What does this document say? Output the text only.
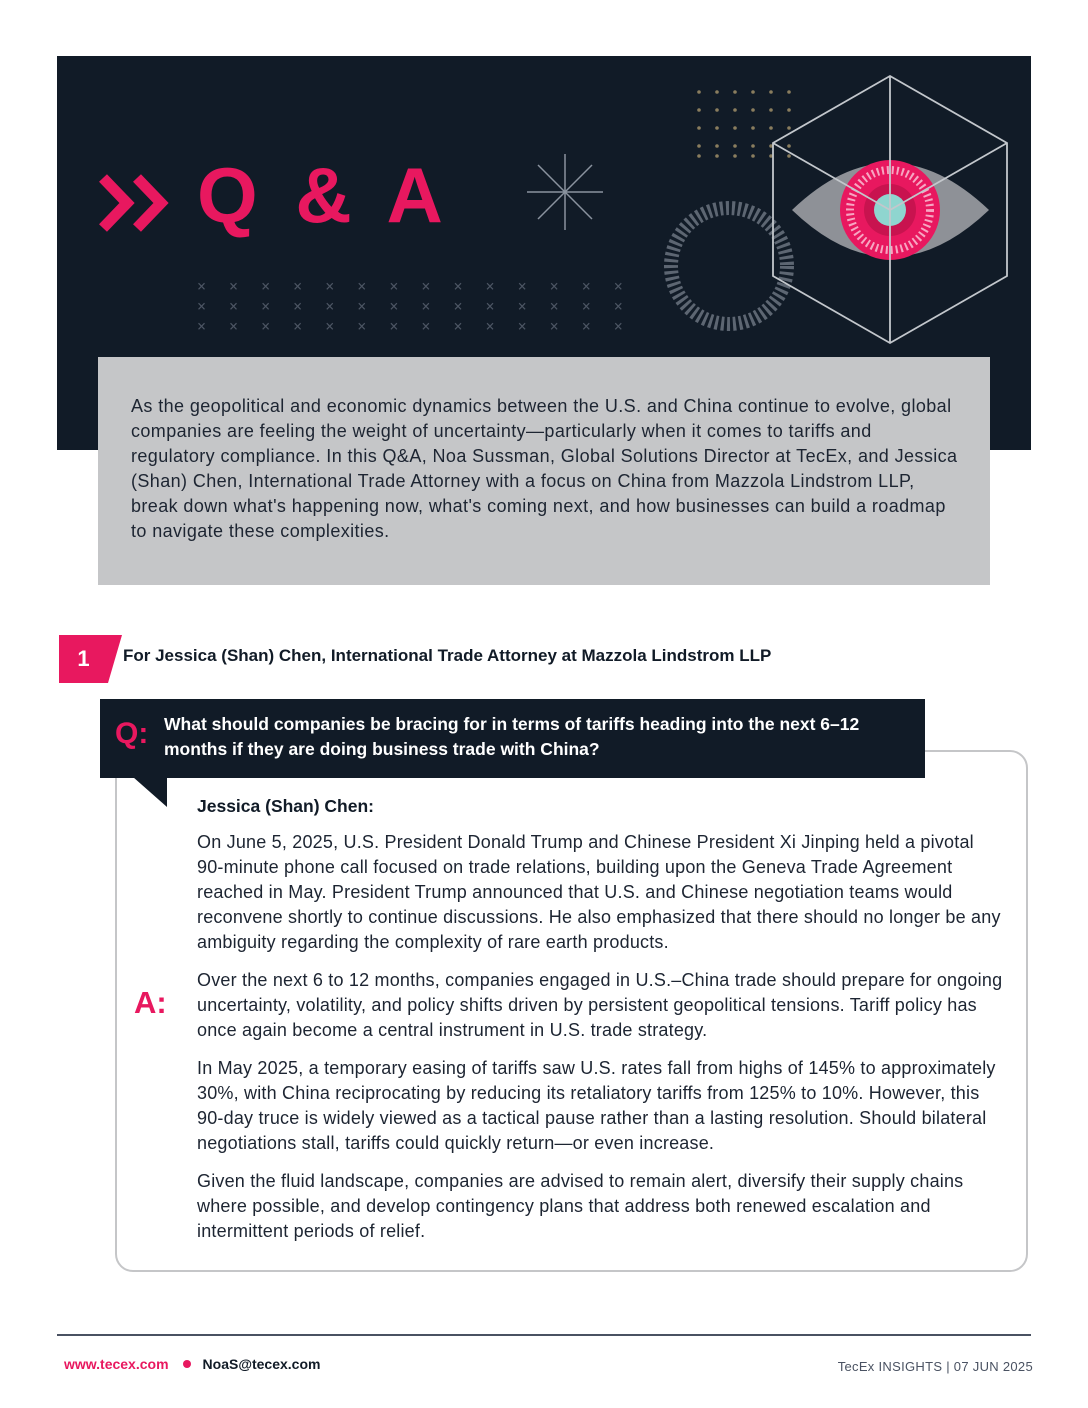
Q & A
× × × × × × × × × × × × × ×
× × × × × × × × × × × × × ×
× × × × × × × × × × × × × ×

As the geopolitical and economic dynamics between the U.S. and China continue to evolve, global companies are feeling the weight of uncertainty—particularly when it comes to tariffs and regulatory compliance. In this Q&A, Noa Sussman, Global Solutions Director at TecEx, and Jessica (Shan) Chen, International Trade Attorney with a focus on China from Mazzola Lindstrom LLP, break down what's happening now, what's coming next, and how businesses can build a roadmap to navigate these complexities.

1	For Jessica (Shan) Chen, International Trade Attorney at Mazzola Lindstrom LLP
Q: What should companies be bracing for in terms of tariffs heading into the next 6–12 months if they are doing business trade with China?
A:
Jessica (Shan) Chen:

On June 5, 2025, U.S. President Donald Trump and Chinese President Xi Jinping held a pivotal 90-minute phone call focused on trade relations, building upon the Geneva Trade Agreement reached in May. President Trump announced that U.S. and Chinese negotiation teams would reconvene shortly to continue discussions. He also emphasized that there should no longer be any ambiguity regarding the complexity of rare earth products.

Over the next 6 to 12 months, companies engaged in U.S.–China trade should prepare for ongoing uncertainty, volatility, and policy shifts driven by persistent geopolitical tensions. Tariff policy has once again become a central instrument in U.S. trade strategy.

In May 2025, a temporary easing of tariffs saw U.S. rates fall from highs of 145% to approximately 30%, with China reciprocating by reducing its retaliatory tariffs from 125% to 10%. However, this 90-day truce is widely viewed as a tactical pause rather than a lasting resolution. Should bilateral negotiations stall, tariffs could quickly return—or even increase.

Given the fluid landscape, companies are advised to remain alert, diversify their supply chains where possible, and develop contingency plans that address both renewed escalation and intermittent periods of relief.

www.tecex.com NoaS@tecex.com	TecEx INSIGHTS | 07 JUN 2025
